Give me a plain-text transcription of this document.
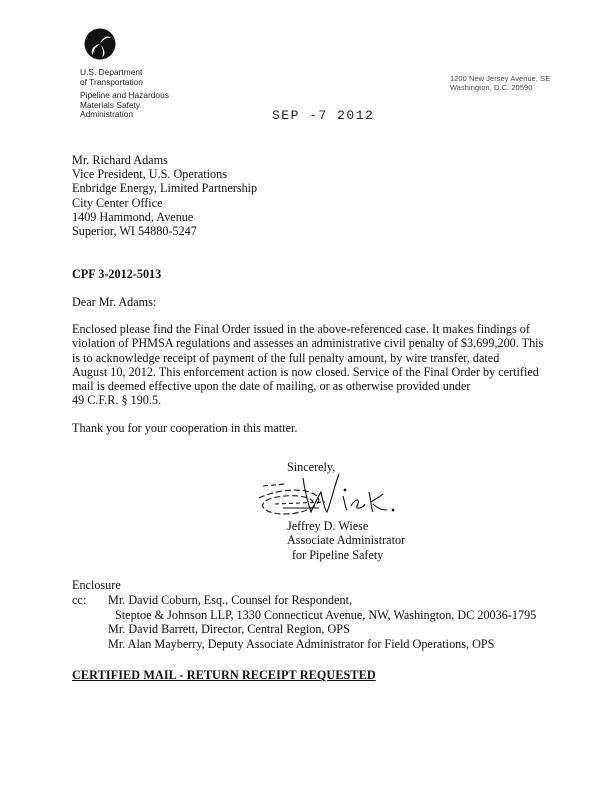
U.S. Department
of Transportation
Pipeline and Hazardous
Materials Safety
Administration
1200 New Jersey Avenue, SE
Washington, D.C. 20590
SEP -7 2012
Mr. Richard Adams
Vice President, U.S. Operations
Enbridge Energy, Limited Partnership
City Center Office
1409 Hammond, Avenue
Superior, WI 54880-5247
CPF 3-2012-5013
Dear Mr. Adams:
Enclosed please find the Final Order issued in the above-referenced case. It makes findings of
violation of PHMSA regulations and assesses an administrative civil penalty of $3,699,200. This
is to acknowledge receipt of payment of the full penalty amount, by wire transfer, dated
August 10, 2012. This enforcement action is now closed. Service of the Final Order by certified
mail is deemed effective upon the date of mailing, or as otherwise provided under
49 C.F.R. § 190.5.
Thank you for your cooperation in this matter.
Sincerely,
Jeffrey D. Wiese
Associate Administrator
for Pipeline Safety
Enclosure
cc: Mr. David Coburn, Esq., Counsel for Respondent,
Steptoe & Johnson LLP, 1330 Connecticut Avenue, NW, Washington, DC 20036-1795
Mr. David Barrett, Director, Central Region, OPS
Mr. Alan Mayberry, Deputy Associate Administrator for Field Operations, OPS
CERTIFIED MAIL - RETURN RECEIPT REQUESTED
